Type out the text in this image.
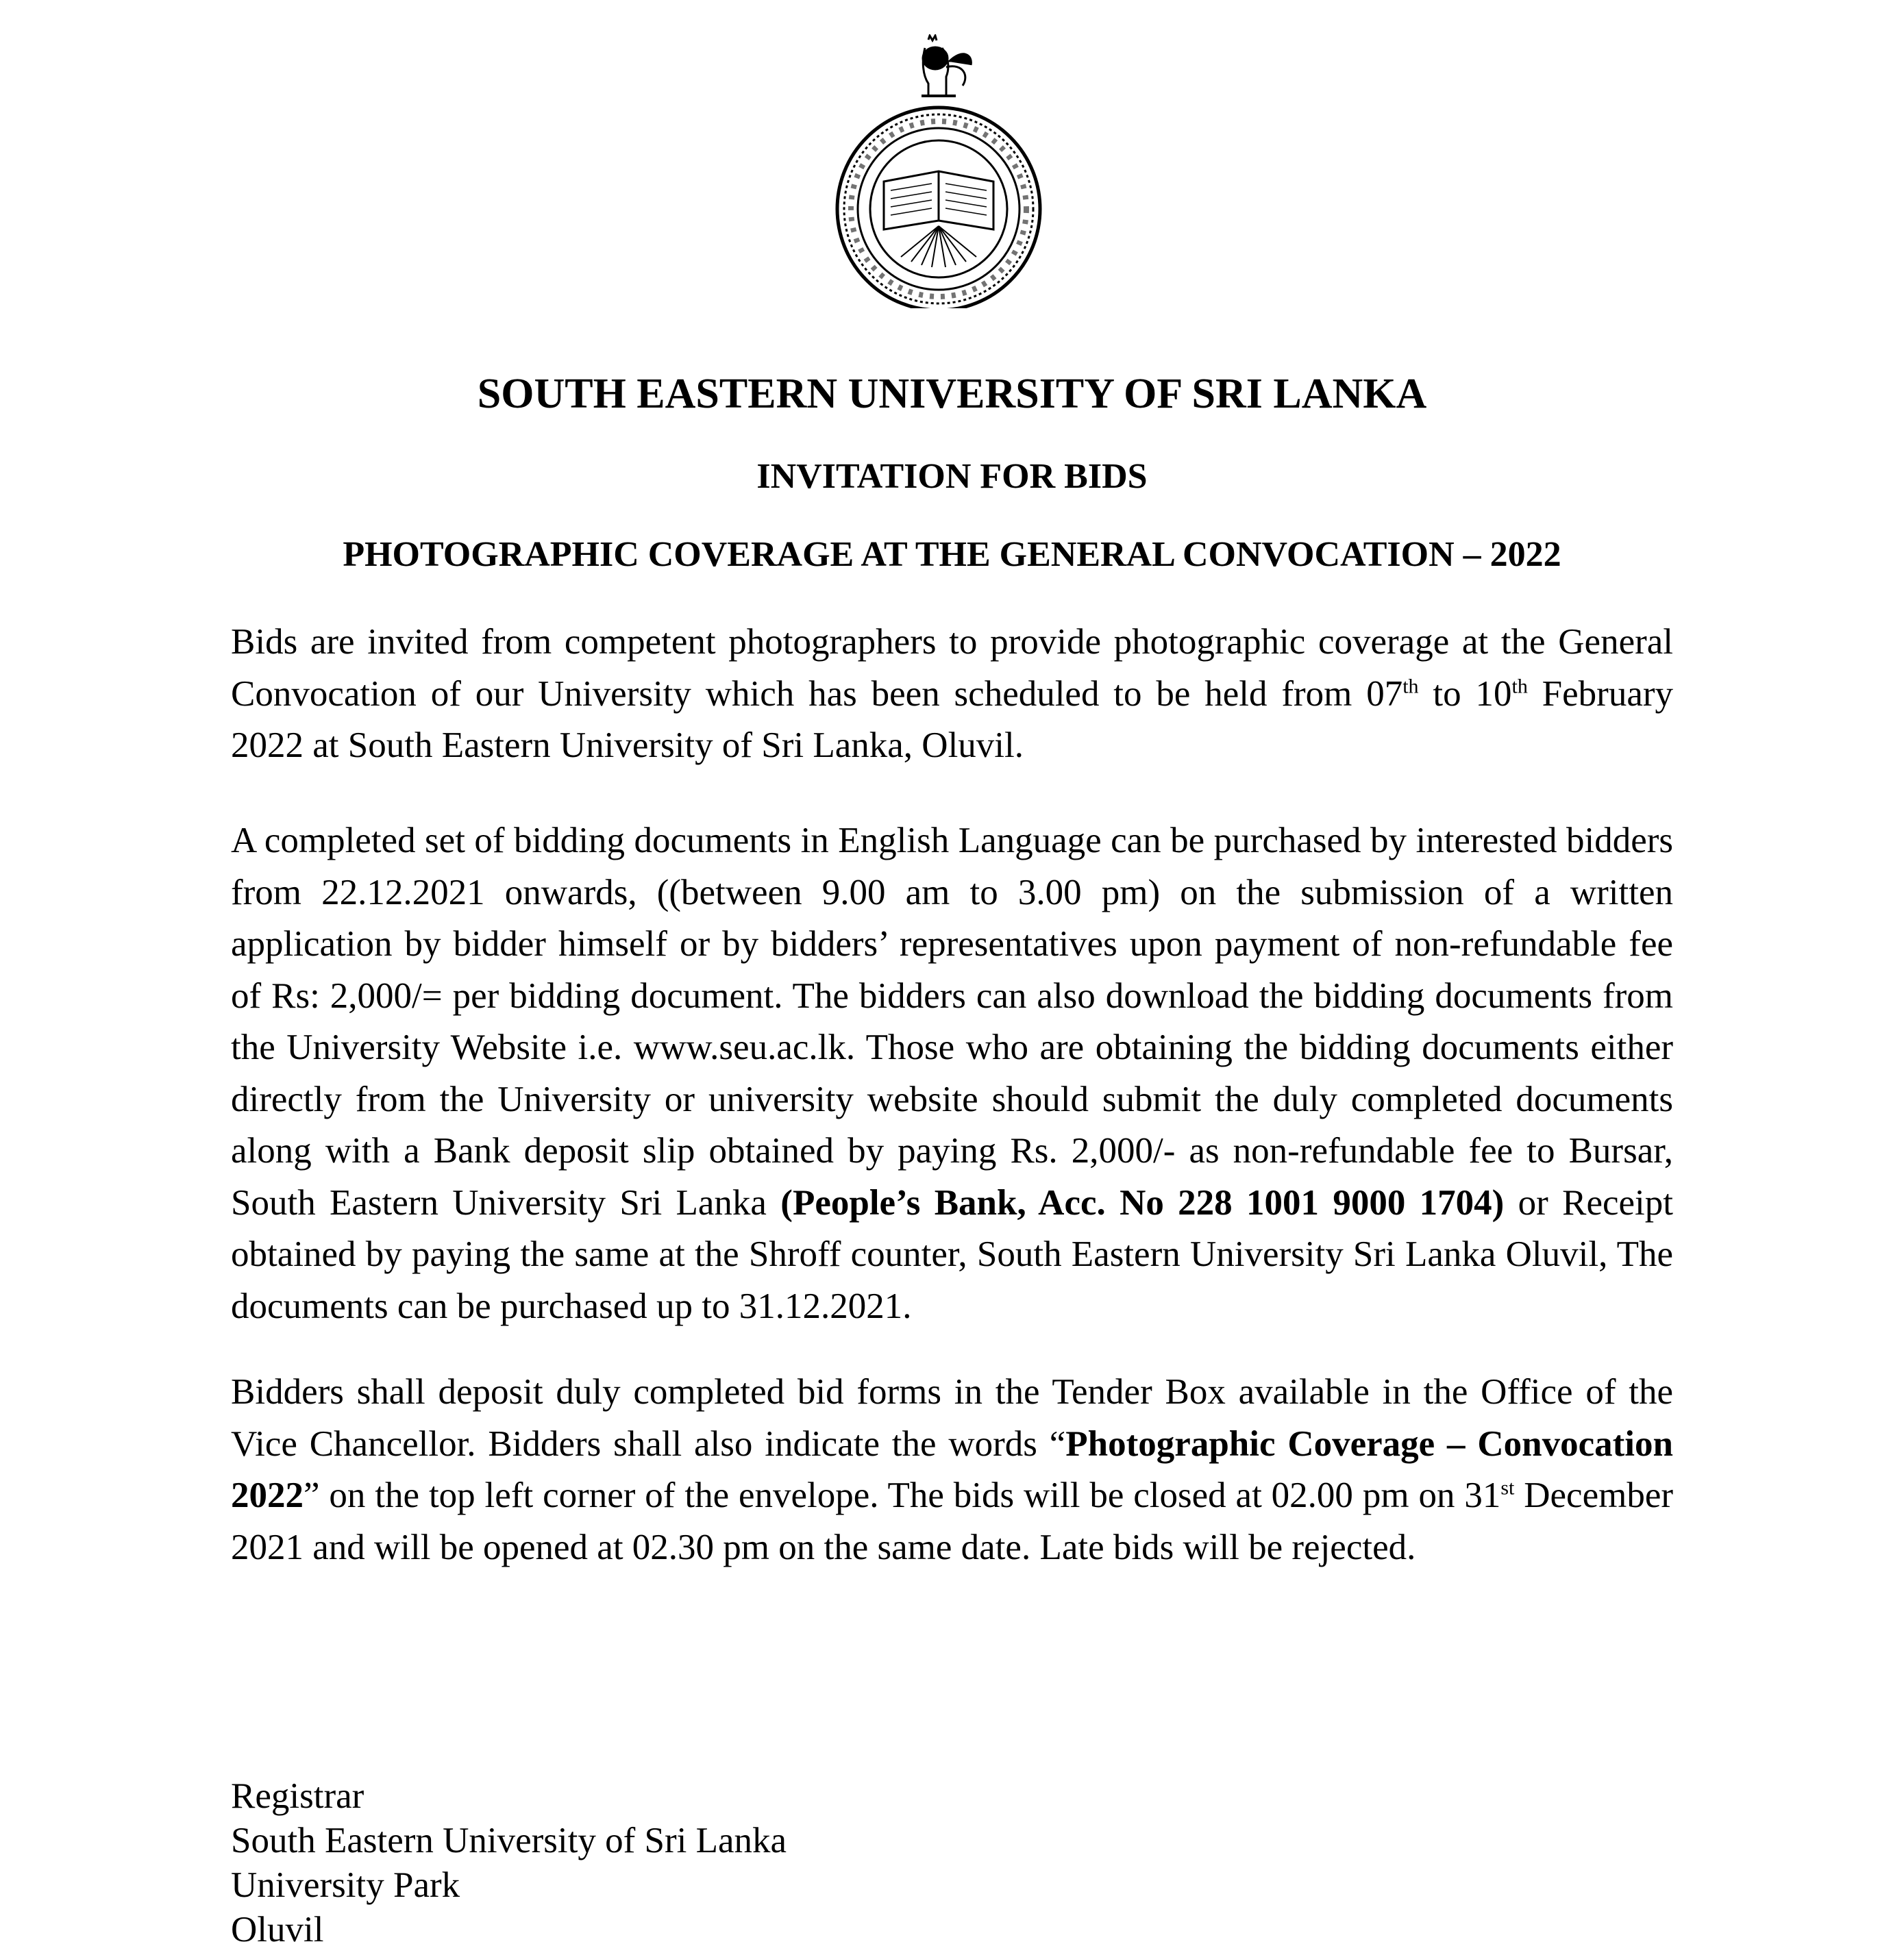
SOUTH EASTERN UNIVERSITY OF SRI LANKA
INVITATION FOR BIDS
PHOTOGRAPHIC COVERAGE AT THE GENERAL CONVOCATION – 2022

Bids are invited from competent photographers to provide photographic coverage at the General Convocation of our University which has been scheduled to be held from 07th to 10th February 2022 at South Eastern University of Sri Lanka, Oluvil.

A completed set of bidding documents in English Language can be purchased by interested bidders from 22.12.2021 onwards, ((between 9.00 am to 3.00 pm) on the submission of a written application by bidder himself or by bidders’ representatives upon payment of non-refundable fee of Rs: 2,000/= per bidding document. The bidders can also download the bidding documents from the University Website i.e. www.seu.ac.lk. Those who are obtaining the bidding documents either directly from the University or university website should submit the duly completed documents along with a Bank deposit slip obtained by paying Rs. 2,000/- as non-refundable fee to Bursar, South Eastern University Sri Lanka (People’s Bank, Acc. No 228 1001 9000 1704) or Receipt obtained by paying the same at the Shroff counter, South Eastern University Sri Lanka Oluvil, The documents can be purchased up to 31.12.2021.

Bidders shall deposit duly completed bid forms in the Tender Box available in the Office of the Vice Chancellor. Bidders shall also indicate the words “Photographic Coverage – Convocation 2022” on the top left corner of the envelope. The bids will be closed at 02.00 pm on 31st December 2021 and will be opened at 02.30 pm on the same date. Late bids will be rejected.

Registrar
South Eastern University of Sri Lanka
University Park
Oluvil
